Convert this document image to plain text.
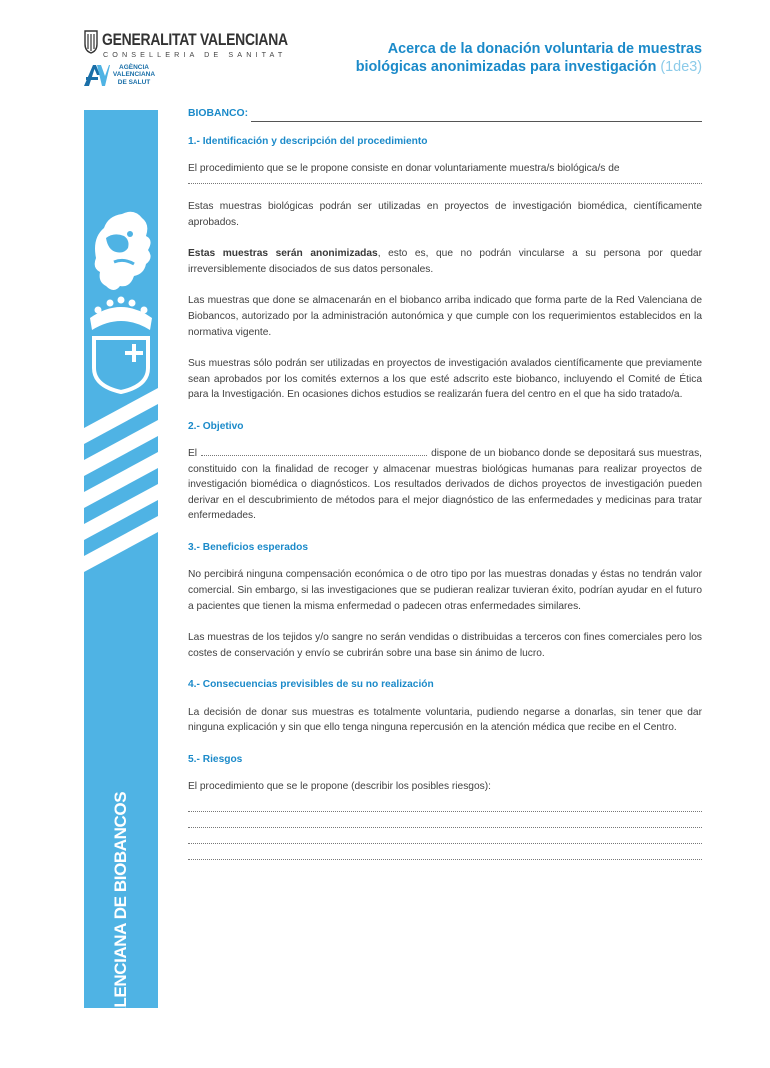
GENERALITAT VALENCIANA
CONSELLERIA DE SANITAT
AGÈNCIA
VALENCIANA
DE SALUT
Acerca de la donación voluntaria de muestras
biológicas anonimizadas para investigación (1de3)
RED VALENCIANA DE BIOBANCOS
BIOBANCO:
1.- Identificación y descripción del procedimiento
El procedimiento que se le propone consiste en donar voluntariamente muestra/s biológica/s de

Estas muestras biológicas podrán ser utilizadas en proyectos de investigación biomédica, científicamente aprobados.

Estas muestras serán anonimizadas, esto es, que no podrán vincularse a su persona por quedar irreversiblemente disociados de sus datos personales.

Las muestras que done se almacenarán en el biobanco arriba indicado que forma parte de la Red Valenciana de Biobancos, autorizado por la administración autonómica y que cumple con los requerimientos establecidos en la normativa vigente.

Sus muestras sólo podrán ser utilizadas en proyectos de investigación avalados científicamente que previamente sean aprobados por los comités externos a los que esté adscrito este biobanco, incluyendo el Comité de Ética para la Investigación. En ocasiones dichos estudios se realizarán fuera del centro en el que ha sido tratado/a.

2.- Objetivo

El	dispone de un biobanco donde se depositará sus muestras, constituido con la finalidad de recoger y almacenar muestras biológicas humanas para realizar proyectos de investigación biomédica o diagnósticos. Los resultados derivados de dichos proyectos de investigación pueden derivar en el descubrimiento de métodos para el mejor diagnóstico de las enfermedades y medicinas para tratar enfermedades.

3.- Beneficios esperados

No percibirá ninguna compensación económica o de otro tipo por las muestras donadas y éstas no tendrán valor comercial. Sin embargo, si las investigaciones que se pudieran realizar tuvieran éxito, podrían ayudar en el futuro a pacientes que tienen la misma enfermedad o padecen otras enfermedades similares.

Las muestras de los tejidos y/o sangre no serán vendidas o distribuidas a terceros con fines comerciales pero los costes de conservación y envío se cubrirán sobre una base sin ánimo de lucro.

4.- Consecuencias previsibles de su no realización

La decisión de donar sus muestras es totalmente voluntaria, pudiendo negarse a donarlas, sin tener que dar ninguna explicación y sin que ello tenga ninguna repercusión en la atención médica que recibe en el Centro.

5.- Riesgos
El procedimiento que se le propone (describir los posibles riesgos):
